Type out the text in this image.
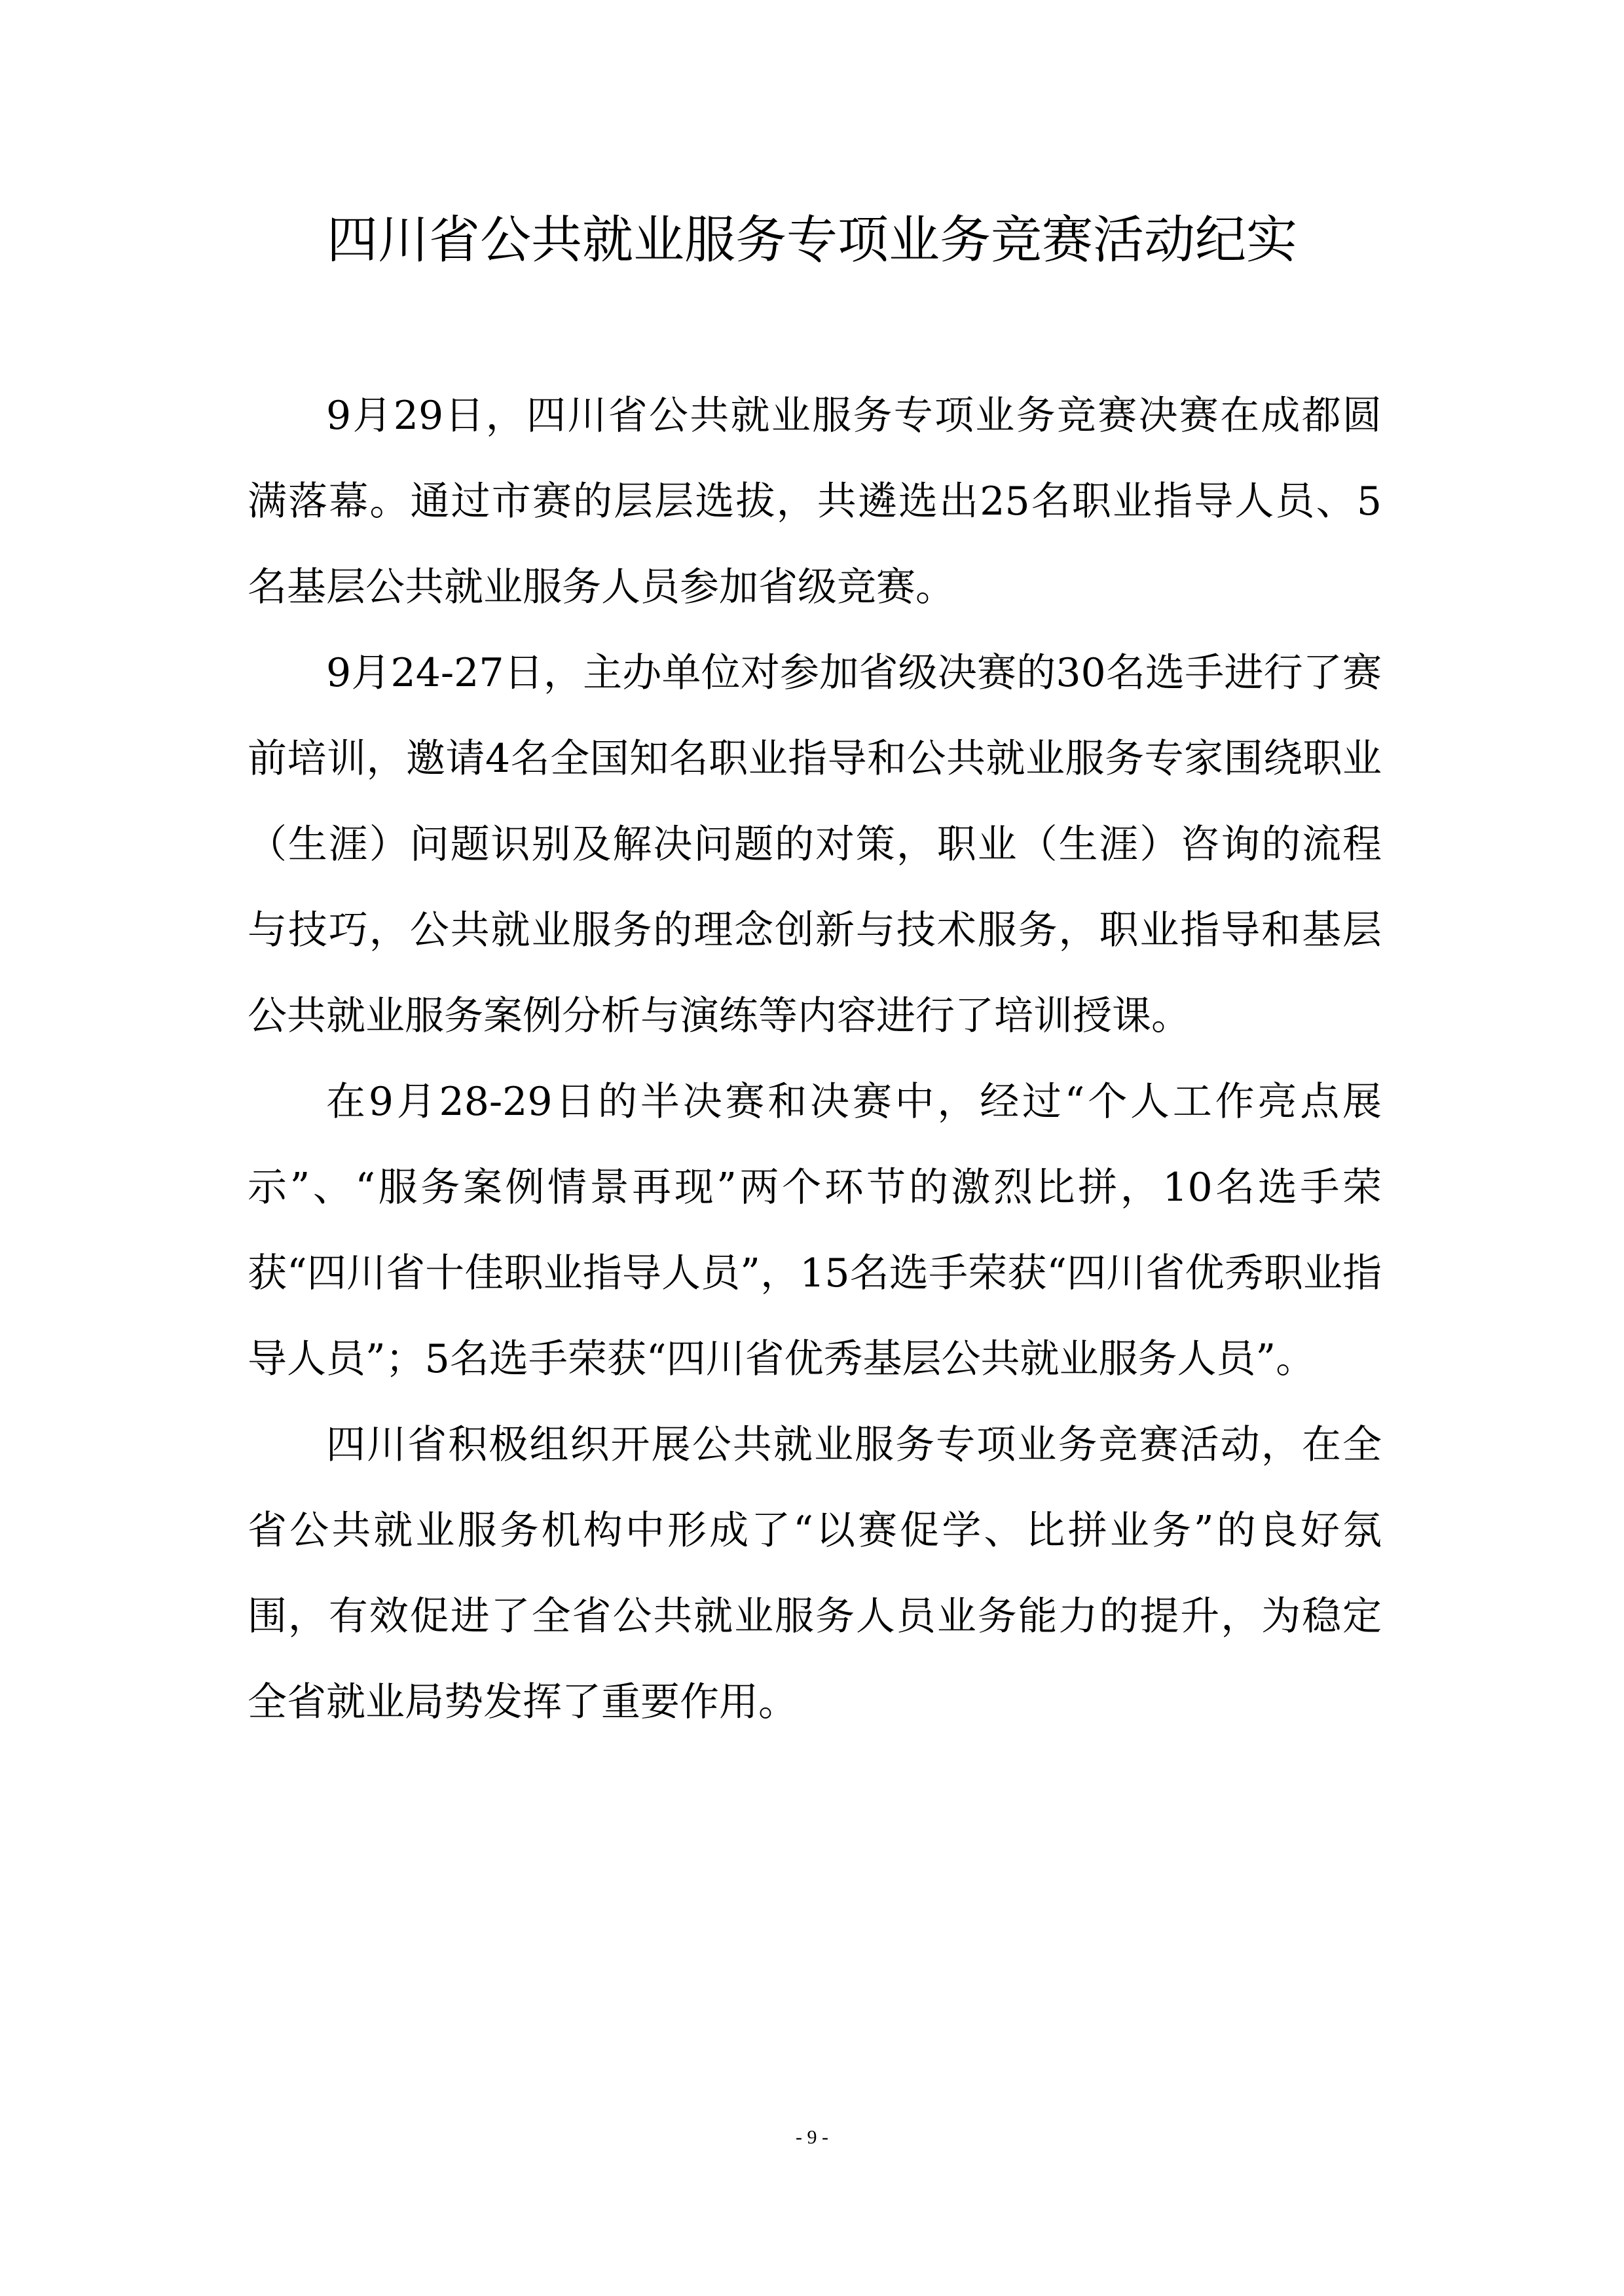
四川省公共就业服务专项业务竞赛活动纪实

9月29日，四川省公共就业服务专项业务竞赛决赛在成都圆满落幕。通过市赛的层层选拔，共遴选出25名职业指导人员、5名基层公共就业服务人员参加省级竞赛。

9月24-27日，主办单位对参加省级决赛的30名选手进行了赛前培训，邀请4名全国知名职业指导和公共就业服务专家围绕职业（生涯）问题识别及解决问题的对策，职业（生涯）咨询的流程与技巧，公共就业服务的理念创新与技术服务，职业指导和基层公共就业服务案例分析与演练等内容进行了培训授课。

在9月28-29日的半决赛和决赛中，经过“个人工作亮点展示”、“服务案例情景再现”两个环节的激烈比拼，10名选手荣获“四川省十佳职业指导人员”，15名选手荣获“四川省优秀职业指导人员”；5名选手荣获“四川省优秀基层公共就业服务人员”。

四川省积极组织开展公共就业服务专项业务竞赛活动，在全省公共就业服务机构中形成了“以赛促学、比拼业务”的良好氛围，有效促进了全省公共就业服务人员业务能力的提升，为稳定全省就业局势发挥了重要作用。

- 9 -
